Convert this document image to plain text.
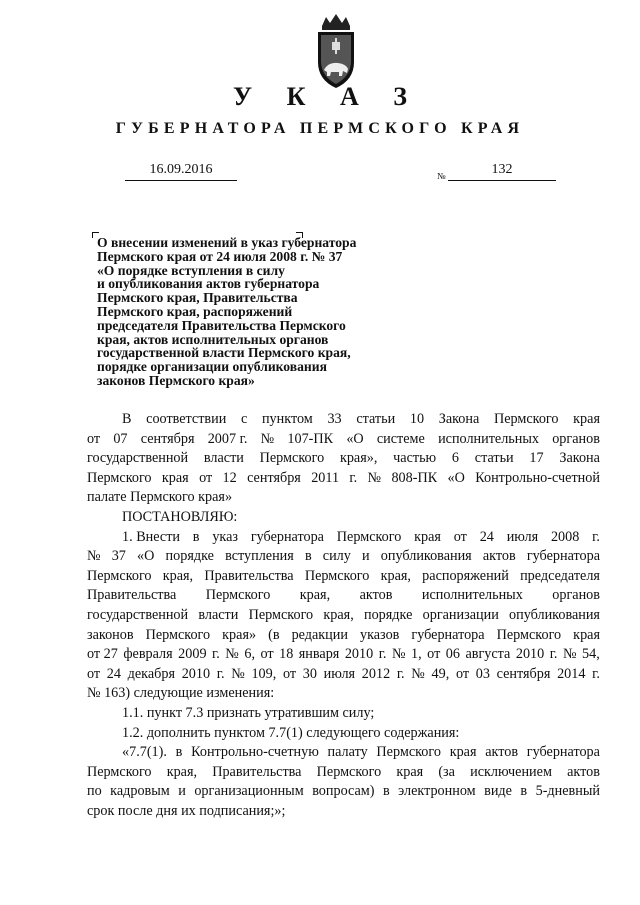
У К А З
ГУБЕРНАТОРА ПЕРМСКОГО КРАЯ
16.09.2016	№	132
О внесении изменений в указ губернатора
Пермского края от 24 июля 2008 г. № 37
«О порядке вступления в силу
и опубликования актов губернатора
Пермского края, Правительства
Пермского края, распоряжений
председателя Правительства Пермского
края, актов исполнительных органов
государственной власти Пермского края,
порядке организации опубликования
законов Пермского края»
В соответствии с пунктом 33 статьи 10 Закона Пермского края
от 07 сентября 2007 г. № 107-ПК «О системе исполнительных органов
государственной власти Пермского края», частью 6 статьи 17 Закона
Пермского края от 12 сентября 2011 г. № 808-ПК «О Контрольно-счетной
палате Пермского края»
ПОСТАНОВЛЯЮ:
1. Внести в указ губернатора Пермского края от 24 июля 2008 г.
№ 37 «О порядке вступления в силу и опубликования актов губернатора
Пермского края, Правительства Пермского края, распоряжений председателя
Правительства Пермского края, актов исполнительных органов
государственной власти Пермского края, порядке организации опубликования
законов Пермского края» (в редакции указов губернатора Пермского края
от 27 февраля 2009 г. № 6, от 18 января 2010 г. № 1, от 06 августа 2010 г. № 54,
от 24 декабря 2010 г. № 109, от 30 июля 2012 г. № 49, от 03 сентября 2014 г.
№ 163) следующие изменения:
1.1. пункт 7.3 признать утратившим силу;
1.2. дополнить пунктом 7.7(1) следующего содержания:
«7.7(1). в Контрольно-счетную палату Пермского края актов губернатора
Пермского края, Правительства Пермского края (за исключением актов
по кадровым и организационным вопросам) в электронном виде в 5-дневный
срок после дня их подписания;»;
